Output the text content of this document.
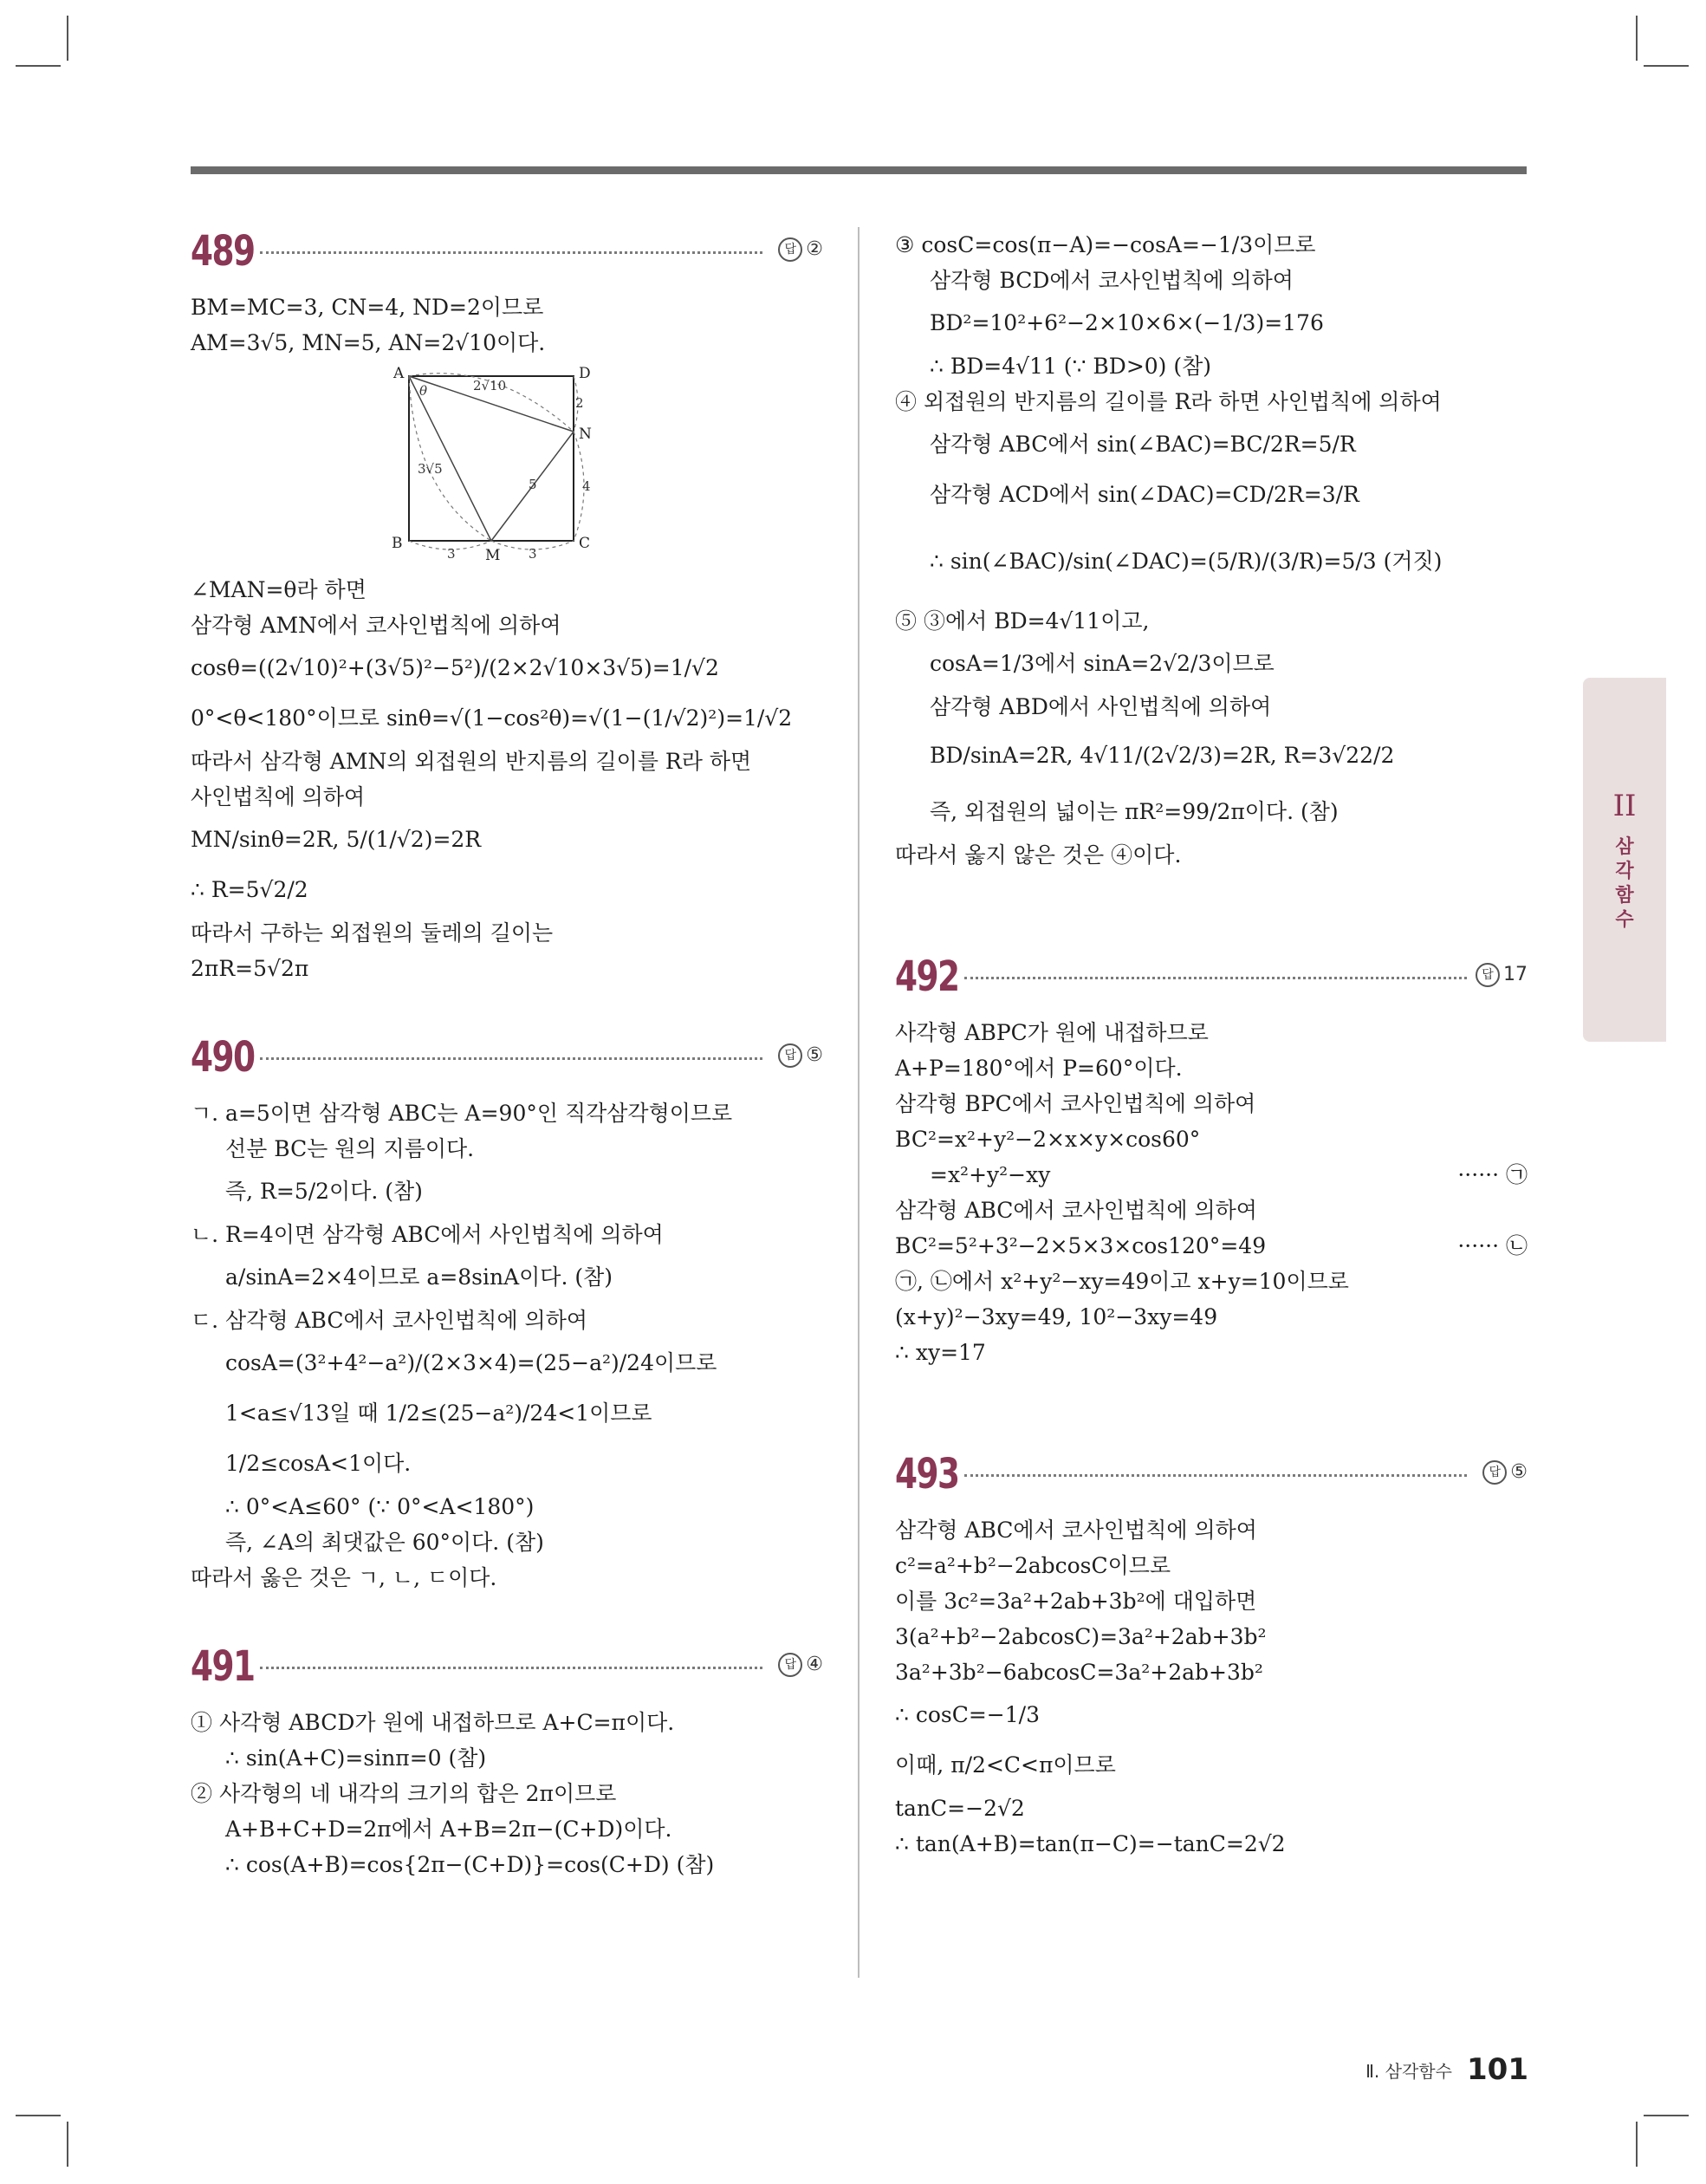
489	답 ②
BM=MC=3, CN=4, ND=2이므로
AM=3√5, MN=5, AN=2√10이다.
A	D
N
C
M
B
θ	2√10
3√5
5
2
4
3	3
∠MAN=θ라 하면
삼각형 AMN에서 코사인법칙에 의하여
cosθ=((2√10)²+(3√5)²−5²)/(2×2√10×3√5)=1/√2
0°<θ<180°이므로 sinθ=√(1−cos²θ)=√(1−(1/√2)²)=1/√2
따라서 삼각형 AMN의 외접원의 반지름의 길이를 R라 하면
사인법칙에 의하여
MN/sinθ=2R, 5/(1/√2)=2R
∴ R=5√2/2
따라서 구하는 외접원의 둘레의 길이는
2πR=5√2π
490	답 ⑤
ㄱ. a=5이면 삼각형 ABC는 A=90°인 직각삼각형이므로
선분 BC는 원의 지름이다.
즉, R=5/2이다. (참)
ㄴ. R=4이면 삼각형 ABC에서 사인법칙에 의하여
a/sinA=2×4이므로 a=8sinA이다. (참)
ㄷ. 삼각형 ABC에서 코사인법칙에 의하여
cosA=(3²+4²−a²)/(2×3×4)=(25−a²)/24이므로
1<a≤√13일 때 1/2≤(25−a²)/24<1이므로
1/2≤cosA<1이다.
∴ 0°<A≤60° (∵ 0°<A<180°)
즉, ∠A의 최댓값은 60°이다. (참)
따라서 옳은 것은 ㄱ, ㄴ, ㄷ이다.
491	답 ④
① 사각형 ABCD가 원에 내접하므로 A+C=π이다.
∴ sin(A+C)=sinπ=0 (참)
② 사각형의 네 내각의 크기의 합은 2π이므로
A+B+C+D=2π에서 A+B=2π−(C+D)이다.
∴ cos(A+B)=cos{2π−(C+D)}=cos(C+D) (참)
③ cosC=cos(π−A)=−cosA=−1/3이므로
삼각형 BCD에서 코사인법칙에 의하여
BD²=10²+6²−2×10×6×(−1/3)=176
∴ BD=4√11 (∵ BD>0) (참)
④ 외접원의 반지름의 길이를 R라 하면 사인법칙에 의하여
삼각형 ABC에서 sin(∠BAC)=BC/2R=5/R
삼각형 ACD에서 sin(∠DAC)=CD/2R=3/R
∴ sin(∠BAC)/sin(∠DAC)=(5/R)/(3/R)=5/3 (거짓)
⑤ ③에서 BD=4√11이고,
cosA=1/3에서 sinA=2√2/3이므로
삼각형 ABD에서 사인법칙에 의하여
BD/sinA=2R, 4√11/(2√2/3)=2R, R=3√22/2
즉, 외접원의 넓이는 πR²=99/2π이다. (참)
따라서 옳지 않은 것은 ④이다.
492	답 17
사각형 ABPC가 원에 내접하므로
A+P=180°에서 P=60°이다.
삼각형 BPC에서 코사인법칙에 의하여
BC²=x²+y²−2×x×y×cos60°
=x²+y²−xy	······ ㉠
삼각형 ABC에서 코사인법칙에 의하여
BC²=5²+3²−2×5×3×cos120°=49	······ ㉡
㉠, ㉡에서 x²+y²−xy=49이고 x+y=10이므로
(x+y)²−3xy=49, 10²−3xy=49
∴ xy=17
493	답 ⑤
삼각형 ABC에서 코사인법칙에 의하여
c²=a²+b²−2abcosC이므로
이를 3c²=3a²+2ab+3b²에 대입하면
3(a²+b²−2abcosC)=3a²+2ab+3b²
3a²+3b²−6abcosC=3a²+2ab+3b²
∴ cosC=−1/3
이때, π/2<C<π이므로
tanC=−2√2
∴ tan(A+B)=tan(π−C)=−tanC=2√2
II
삼
각
함
수
Ⅱ. 삼각함수 101
